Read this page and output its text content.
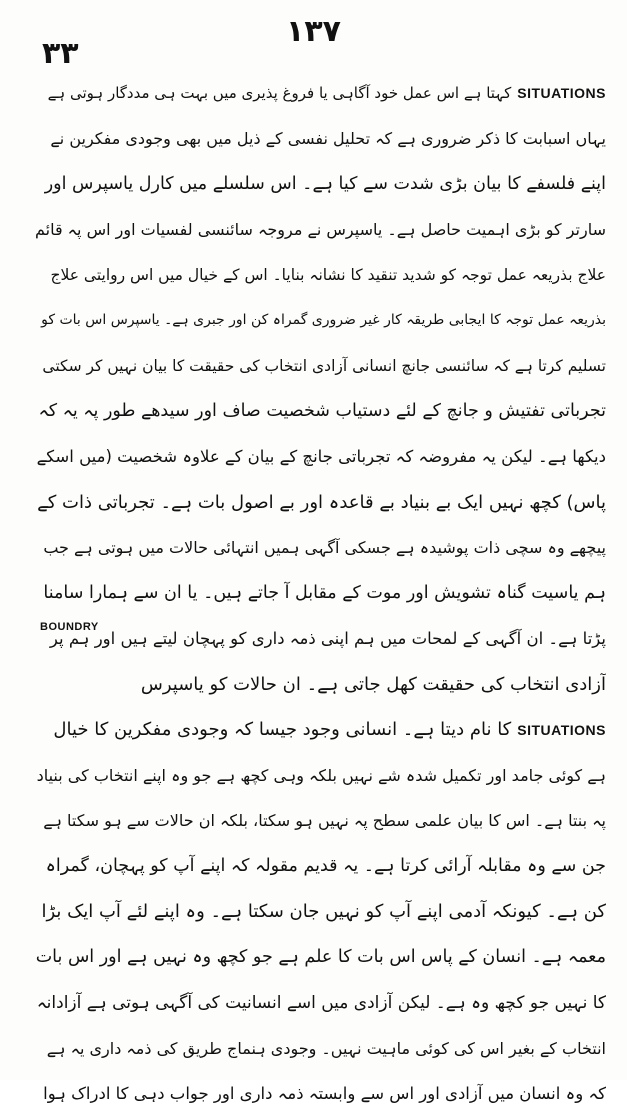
١٣٧
٣٣
BOUNDRY
SITUATIONS
کہتا ہے اس عمل خود آگاہی یا فروغ پذیری میں بہت ہی مددگار ہوتی ہے
یہاں اسبابت کا ذکر ضروری ہے کہ تحلیل نفسی کے ذیل میں بھی وجودی مفکرین نے
اپنے فلسفے کا بیان بڑی شدت سے کیا ہے۔ اس سلسلے میں کارل یاسپرس اور
سارتر کو بڑی اہمیت حاصل ہے۔ یاسپرس نے مروجہ سائنسی لفسیات اور اس پہ قائم
علاج بذریعہ عمل توجہ کو شدید تنقید کا نشانہ بنایا۔ اس کے خیال میں اس روایتی علاج
بذریعہ عمل توجہ کا ایجابی طریقہ کار غیر ضروری گمراہ کن اور جبری ہے۔ یاسپرس اس بات کو
تسلیم کرتا ہے کہ سائنسی جانچ انسانی آزادی انتخاب کی حقیقت کا بیان نہیں کر سکتی
تجرباتی تفتیش و جانچ کے لئے دستیاب شخصیت صاف اور سیدھے طور پہ یہ کہ
دیکھا ہے۔ لیکن یہ مفروضہ کہ تجرباتی جانچ کے بیان کے علاوہ شخصیت (میں اسکے
پاس) کچھ نہیں ایک بے بنیاد بے قاعدہ اور بے اصول بات ہے۔ تجرباتی ذات کے
پیچھے وہ سچی ذات پوشیدہ ہے جسکی آگہی ہمیں انتہائی حالات میں ہوتی ہے جب
ہم یاسیت گناہ تشویش اور موت کے مقابل آ جاتے ہیں۔ یا ان سے ہمارا سامنا
پڑتا ہے۔ ان آگہی کے لمحات میں ہم اپنی ذمہ داری کو پہچان لیتے ہیں اور ہم پر
آزادی انتخاب کی حقیقت کھل جاتی ہے۔ ان حالات کو یاسپرس
SITUATIONS
کا نام دیتا ہے۔ انسانی وجود جیسا کہ وجودی مفکرین کا خیال
ہے کوئی جامد اور تکمیل شدہ شے نہیں بلکہ وہی کچھ ہے جو وہ اپنے انتخاب کی بنیاد
پہ بنتا ہے۔ اس کا بیان علمی سطح پہ نہیں ہو سکتا، بلکہ ان حالات سے ہو سکتا ہے
جن سے وہ مقابلہ آرائی کرتا ہے۔ یہ قدیم مقولہ کہ اپنے آپ کو پہچان، گمراہ
کن ہے۔ کیونکہ آدمی اپنے آپ کو نہیں جان سکتا ہے۔ وہ اپنے لئے آپ ایک بڑا
معمہ ہے۔ انسان کے پاس اس بات کا علم ہے جو کچھ وہ نہیں ہے اور اس بات
کا نہیں جو کچھ وہ ہے۔ لیکن آزادی میں اسے انسانیت کی آگہی ہوتی ہے آزادانہ
انتخاب کے بغیر اس کی کوئی ماہیت نہیں۔ وجودی ہنماج طریق کی ذمہ داری یہ ہے
کہ وہ انسان میں آزادی اور اس سے وابستہ ذمہ داری اور جواب دہی کا ادراک ہوا
